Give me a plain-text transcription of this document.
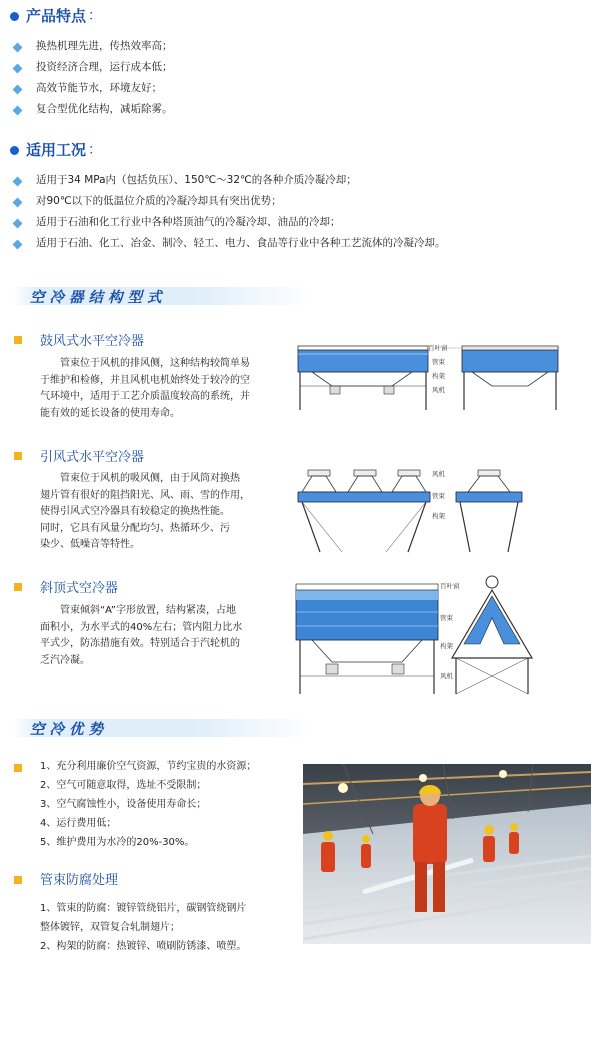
产品特点 ：
换热机理先进，传热效率高；
投资经济合理，运行成本低；
高效节能节水，环境友好；
复合型优化结构，减垢除雾。
适用工况 ：
适用于34 MPa内（包括负压）、150℃～32℃的各种介质冷凝冷却；
对90℃以下的低温位介质的冷凝冷却具有突出优势；
适用于石油和化工行业中各种塔顶油气的冷凝冷却、油品的冷却；
适用于石油、化工、冶金、制冷、轻工、电力、食品等行业中各种工艺流体的冷凝冷却。
空冷器结构型式
鼓风式水平空冷器
管束位于风机的排风侧，这种结构较简单易
于维护和检修，并且风机电机始终处于较冷的空
气环境中，适用于工艺介质温度较高的系统，并
能有效的延长设备的使用寿命。
百叶窗
管束
构架
风机
引风式水平空冷器
管束位于风机的吸风侧，由于风筒对换热
翅片管有很好的阻挡阳光、风、雨、雪的作用，
使得引风式空冷器具有较稳定的换热性能。
同时，它具有风量分配均匀、热循环少、污
染少、低噪音等特性。
风机
管束
构架
斜顶式空冷器
管束倾斜“A”字形放置，结构紧凑，占地
面积小，为水平式的40%左右；管内阻力比水
平式少，防冻措施有效。特别适合于汽轮机的
乏汽冷凝。
百叶窗
管束
构架
风机
空冷优势
1、充分利用廉价空气资源，节约宝贵的水资源；
2、空气可随意取得，选址不受限制；
3、空气腐蚀性小，设备使用寿命长；
4、运行费用低；
5、维护费用为水冷的20%-30%。
管束防腐处理
1、管束的防腐：镀锌管绕铝片，碳钢管绕钢片
整体镀锌，双管复合轧制翅片；
2、构架的防腐：热镀锌、喷刷防锈漆、喷塑。
